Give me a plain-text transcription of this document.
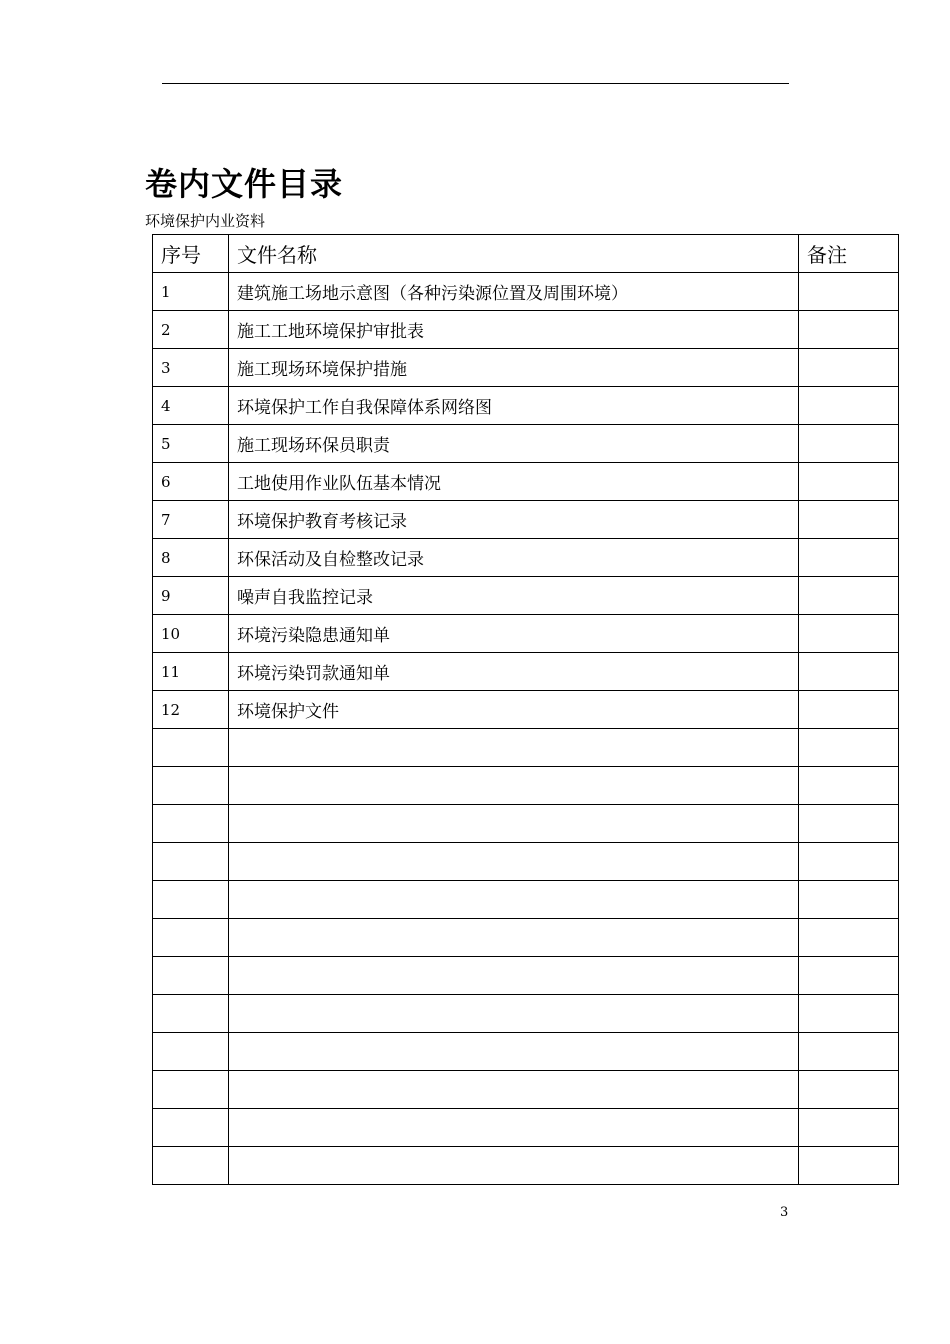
卷内文件目录
环境保护内业资料
序号	文件名称	备注
1	建筑施工场地示意图（各种污染源位置及周围环境）	
2	施工工地环境保护审批表	
3	施工现场环境保护措施	
4	环境保护工作自我保障体系网络图	
5	施工现场环保员职责	
6	工地使用作业队伍基本情况	
7	环境保护教育考核记录	
8	环保活动及自检整改记录	
9	噪声自我监控记录	
10	环境污染隐患通知单	
11	环境污染罚款通知单	
12	环境保护文件	

3
